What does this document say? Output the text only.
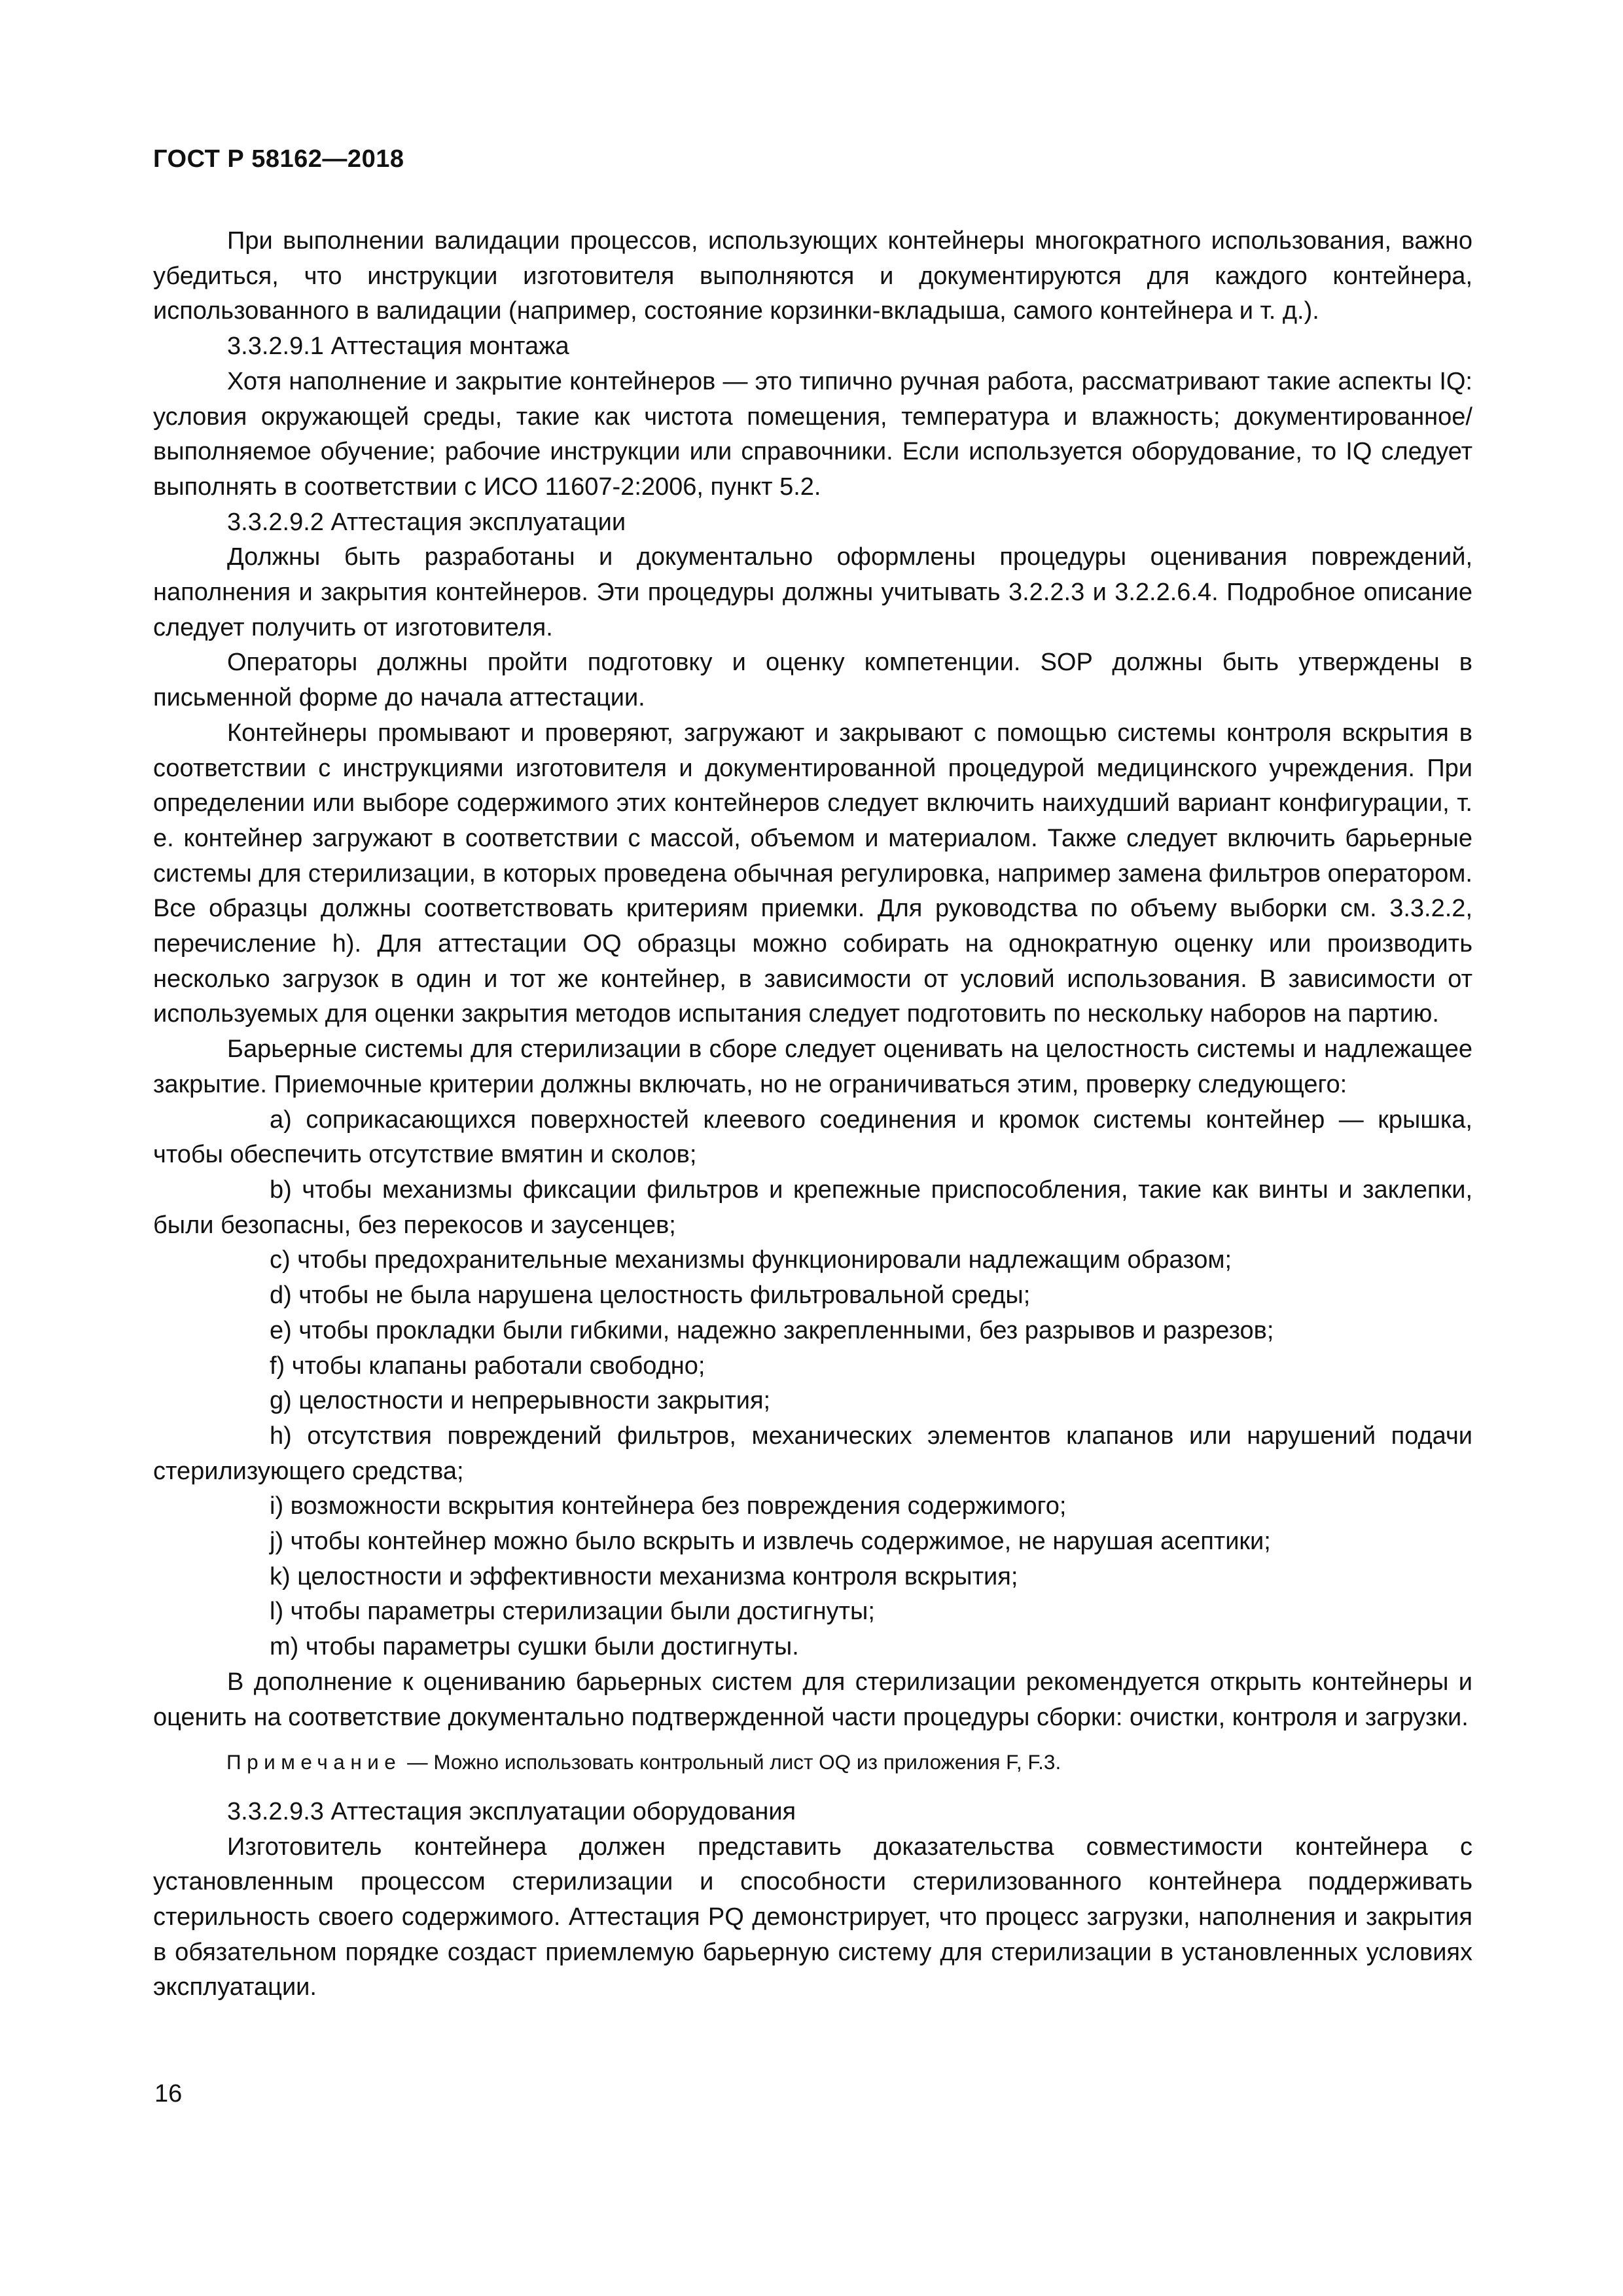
ГОСТ Р 58162—2018

При выполнении валидации процессов, использующих контейнеры многократного использования, важно убедиться, что инструкции изготовителя выполняются и документируются для каждого контейнера, использованного в валидации (например, состояние корзинки-вкладыша, самого контейнера и т. д.).

3.3.2.9.1 Аттестация монтажа

Хотя наполнение и закрытие контейнеров — это типично ручная работа, рассматривают такие аспекты IQ: условия окружающей среды, такие как чистота помещения, температура и влажность; документированное/выполняемое обучение; рабочие инструкции или справочники. Если используется оборудование, то IQ следует выполнять в соответствии с ИСО 11607-2:2006, пункт 5.2.

3.3.2.9.2 Аттестация эксплуатации

Должны быть разработаны и документально оформлены процедуры оценивания повреждений, наполнения и закрытия контейнеров. Эти процедуры должны учитывать 3.2.2.3 и 3.2.2.6.4. Подробное описание следует получить от изготовителя.

Операторы должны пройти подготовку и оценку компетенции. SOP должны быть утверждены в письменной форме до начала аттестации.

Контейнеры промывают и проверяют, загружают и закрывают с помощью системы контроля вскрытия в соответствии с инструкциями изготовителя и документированной процедурой медицинского учреждения. При определении или выборе содержимого этих контейнеров следует включить наихудший вариант конфигурации, т. е. контейнер загружают в соответствии с массой, объемом и материалом. Также следует включить барьерные системы для стерилизации, в которых проведена обычная регулировка, например замена фильтров оператором. Все образцы должны соответствовать критериям приемки. Для руководства по объему выборки см. 3.3.2.2, перечисление h). Для аттестации OQ образцы можно собирать на однократную оценку или производить несколько загрузок в один и тот же контейнер, в зависимости от условий использования. В зависимости от используемых для оценки закрытия методов испытания следует подготовить по нескольку наборов на партию.

Барьерные системы для стерилизации в сборе следует оценивать на целостность системы и надлежащее закрытие. Приемочные критерии должны включать, но не ограничиваться этим, проверку следующего:

a) соприкасающихся поверхностей клеевого соединения и кромок системы контейнер — крышка, чтобы обеспечить отсутствие вмятин и сколов;

b) чтобы механизмы фиксации фильтров и крепежные приспособления, такие как винты и заклепки, были безопасны, без перекосов и заусенцев;

c) чтобы предохранительные механизмы функционировали надлежащим образом;

d) чтобы не была нарушена целостность фильтровальной среды;

e) чтобы прокладки были гибкими, надежно закрепленными, без разрывов и разрезов;

f) чтобы клапаны работали свободно;

g) целостности и непрерывности закрытия;

h) отсутствия повреждений фильтров, механических элементов клапанов или нарушений подачи стерилизующего средства;

i) возможности вскрытия контейнера без повреждения содержимого;

j) чтобы контейнер можно было вскрыть и извлечь содержимое, не нарушая асептики;

k) целостности и эффективности механизма контроля вскрытия;

l) чтобы параметры стерилизации были достигнуты;

m) чтобы параметры сушки были достигнуты.

В дополнение к оцениванию барьерных систем для стерилизации рекомендуется открыть контейнеры и оценить на соответствие документально подтвержденной части процедуры сборки: очистки, контроля и загрузки.

Примечание — Можно использовать контрольный лист OQ из приложения F, F.3.

3.3.2.9.3 Аттестация эксплуатации оборудования

Изготовитель контейнера должен представить доказательства совместимости контейнера с установленным процессом стерилизации и способности стерилизованного контейнера поддерживать стерильность своего содержимого. Аттестация PQ демонстрирует, что процесс загрузки, наполнения и закрытия в обязательном порядке создаст приемлемую барьерную систему для стерилизации в установленных условиях эксплуатации.

16
